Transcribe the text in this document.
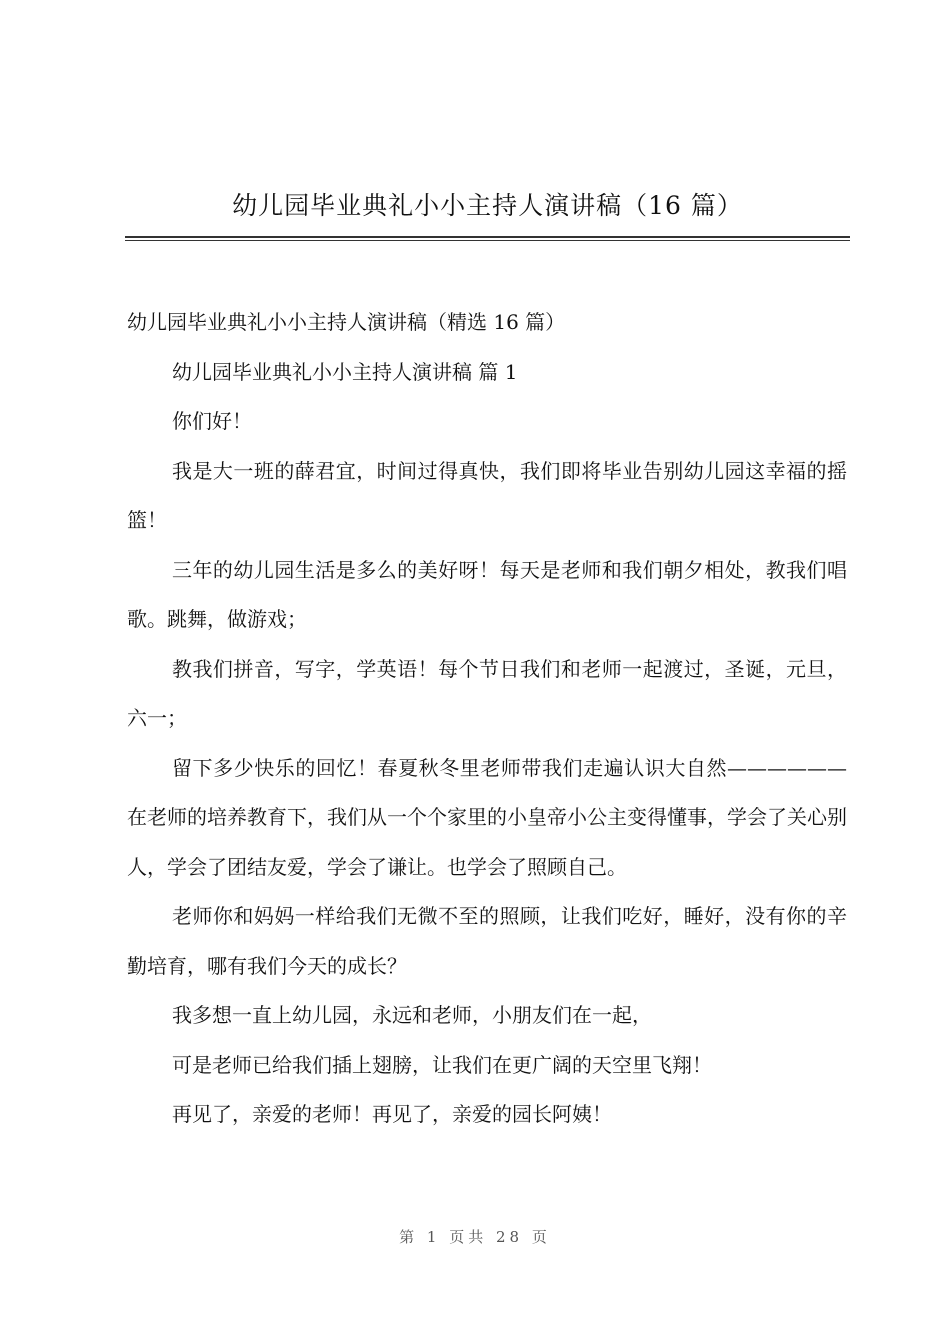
幼儿园毕业典礼小小主持人演讲稿（16 篇）

幼儿园毕业典礼小小主持人演讲稿（精选 16 篇）

幼儿园毕业典礼小小主持人演讲稿 篇 1

你们好！

我是大一班的薛君宜，时间过得真快，我们即将毕业告别幼儿园这幸福的摇篮！

三年的幼儿园生活是多么的美好呀！每天是老师和我们朝夕相处，教我们唱歌。跳舞，做游戏；

教我们拼音，写字，学英语！每个节日我们和老师一起渡过，圣诞，元旦，六一；

留下多少快乐的回忆！春夏秋冬里老师带我们走遍认识大自然——————在老师的培养教育下，我们从一个个家里的小皇帝小公主变得懂事，学会了关心别人，学会了团结友爱，学会了谦让。也学会了照顾自己。

老师你和妈妈一样给我们无微不至的照顾，让我们吃好，睡好，没有你的辛勤培育，哪有我们今天的成长？

我多想一直上幼儿园，永远和老师，小朋友们在一起，

可是老师已给我们插上翅膀，让我们在更广阔的天空里飞翔！

再见了，亲爱的老师！再见了，亲爱的园长阿姨！

第 1 页共 28 页
